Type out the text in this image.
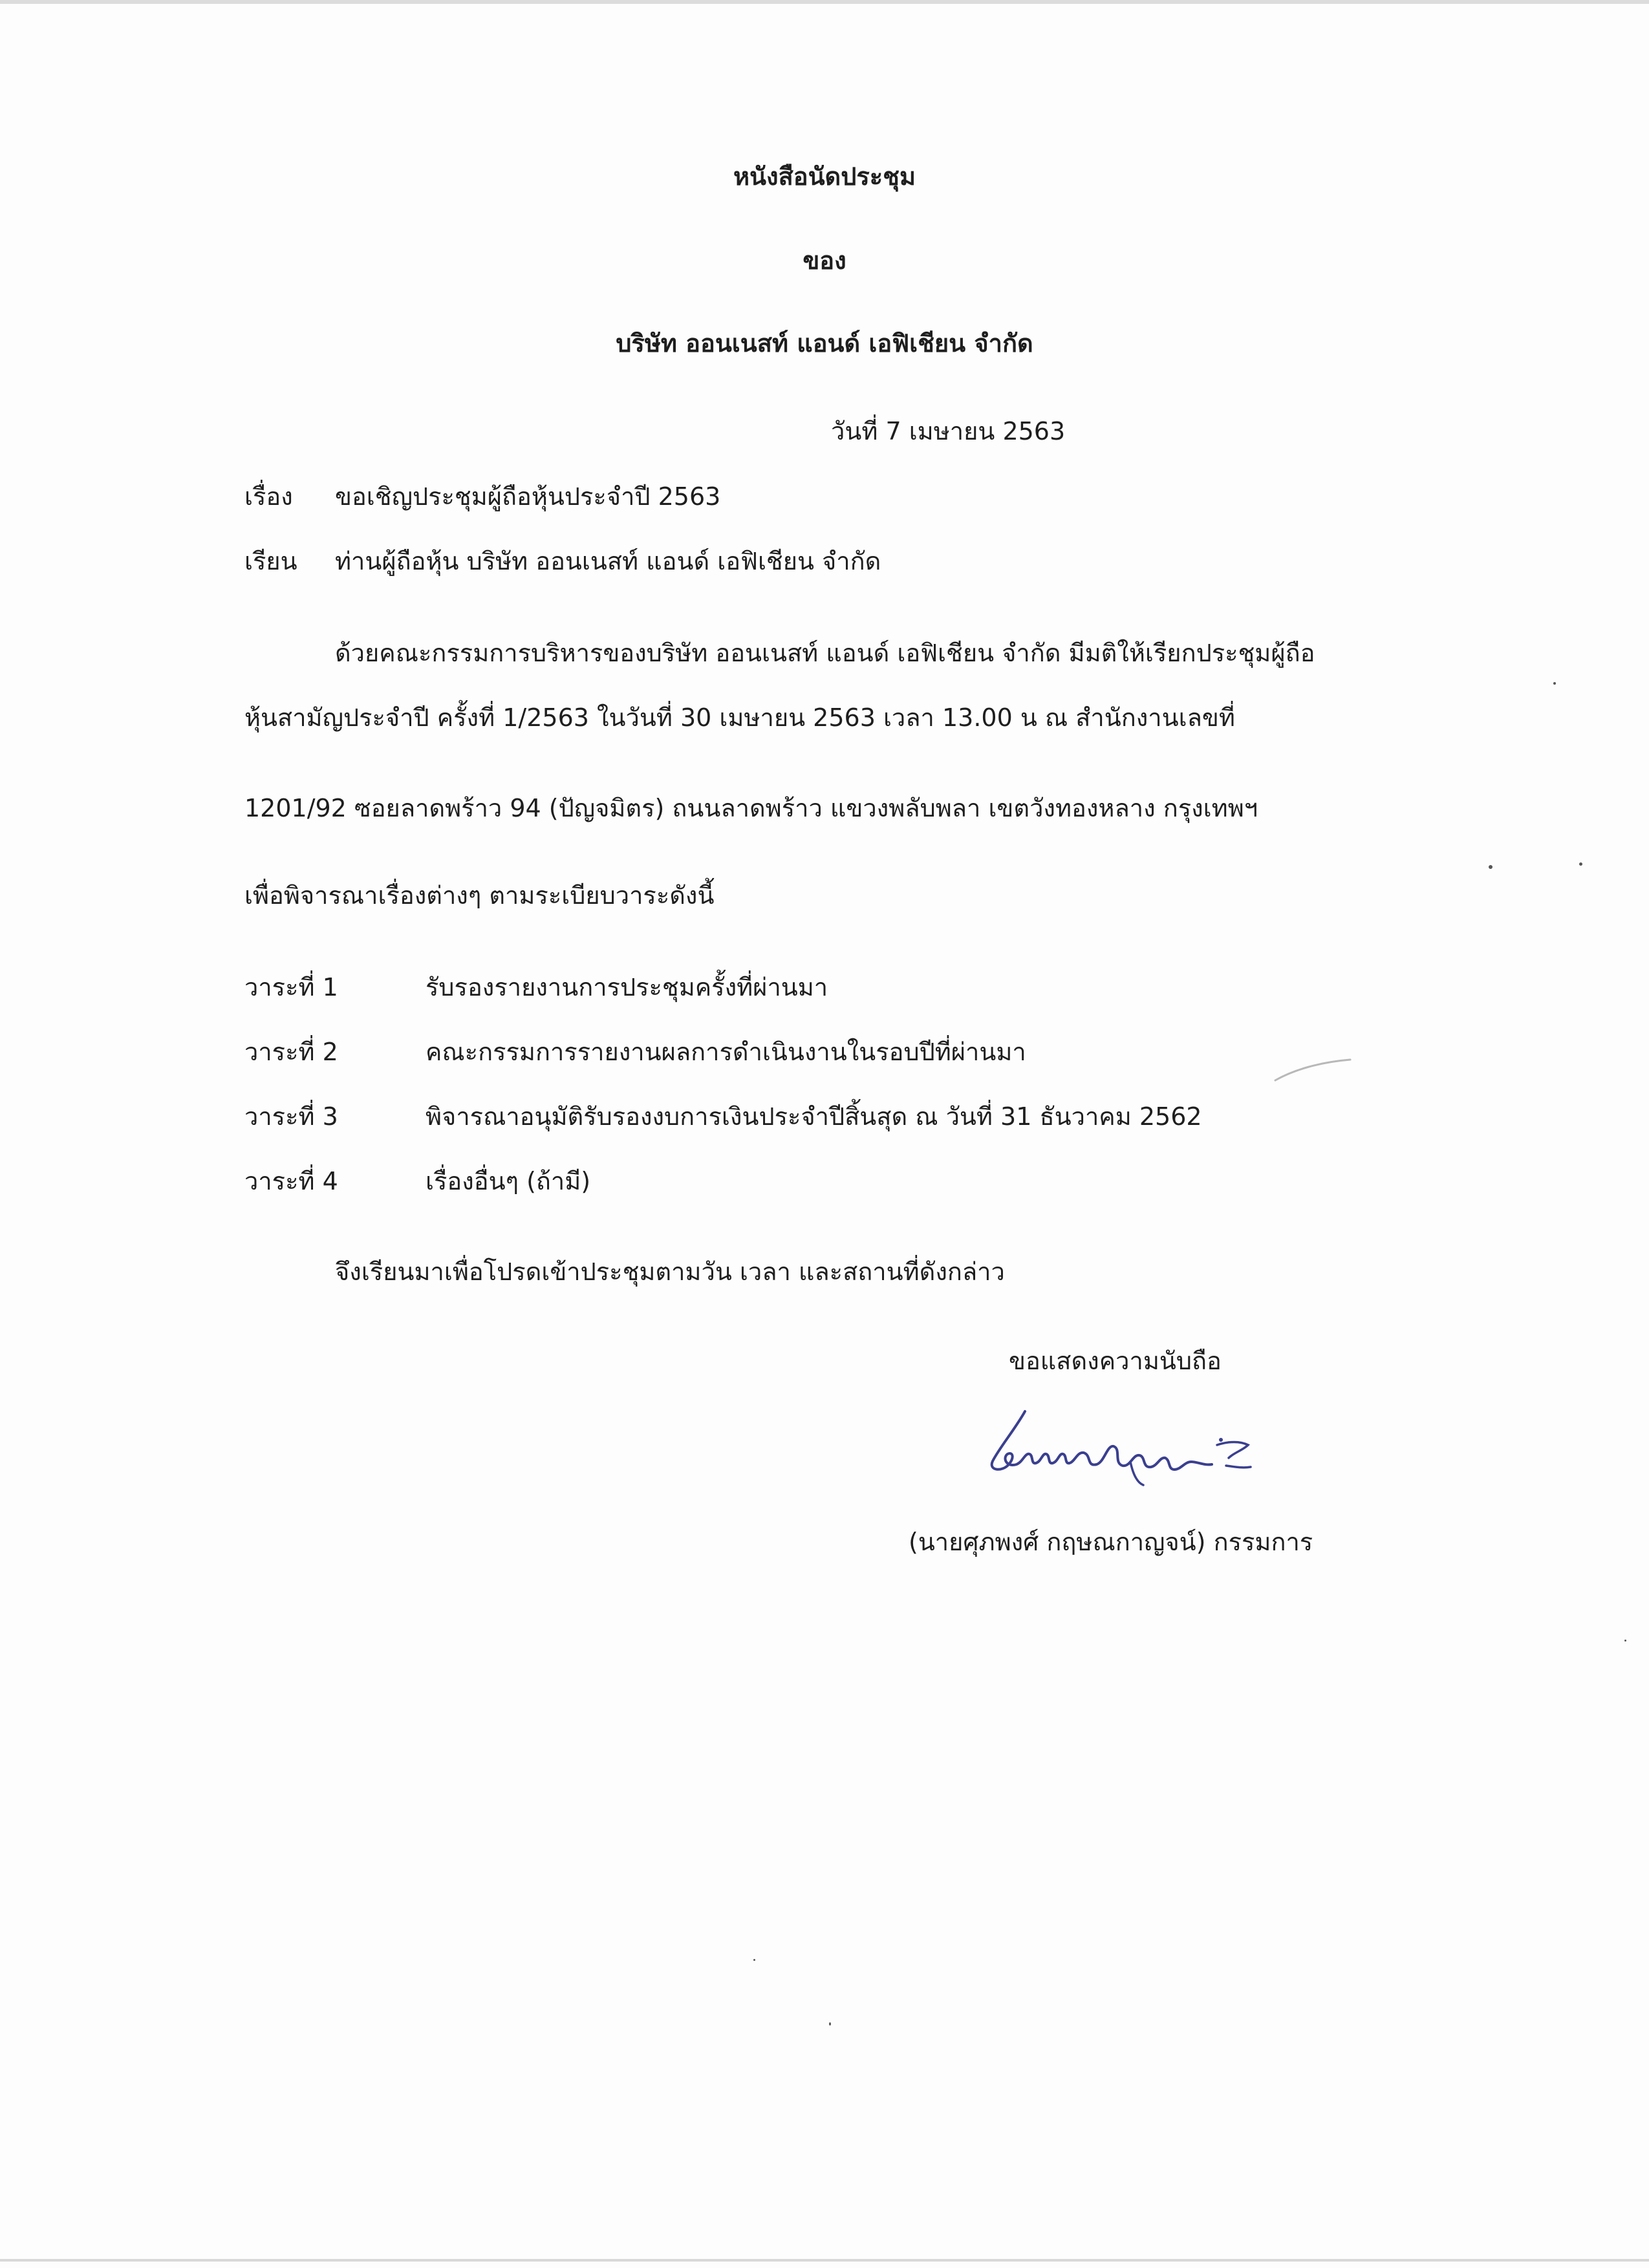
หนังสือนัดประชุม
ของ
บริษัท ออนเนสท์ แอนด์ เอฟิเชียน จำกัด
วันที่ 7 เมษายน 2563
เรื่อง ขอเชิญประชุมผู้ถือหุ้นประจำปี 2563
เรียน ท่านผู้ถือหุ้น บริษัท ออนเนสท์ แอนด์ เอฟิเชียน จำกัด
ด้วยคณะกรรมการบริหารของบริษัท ออนเนสท์ แอนด์ เอฟิเชียน จำกัด มีมติให้เรียกประชุมผู้ถือ
หุ้นสามัญประจำปี ครั้งที่ 1/2563 ในวันที่ 30 เมษายน 2563 เวลา 13.00 น ณ สำนักงานเลขที่
1201/92 ซอยลาดพร้าว 94 (ปัญจมิตร) ถนนลาดพร้าว แขวงพลับพลา เขตวังทองหลาง กรุงเทพฯ
เพื่อพิจารณาเรื่องต่างๆ ตามระเบียบวาระดังนี้
วาระที่ 1	รับรองรายงานการประชุมครั้งที่ผ่านมา
วาระที่ 2	คณะกรรมการรายงานผลการดำเนินงานในรอบปีที่ผ่านมา
วาระที่ 3	พิจารณาอนุมัติรับรองงบการเงินประจำปีสิ้นสุด ณ วันที่ 31 ธันวาคม 2562
วาระที่ 4	เรื่องอื่นๆ (ถ้ามี)
จึงเรียนมาเพื่อโปรดเข้าประชุมตามวัน เวลา และสถานที่ดังกล่าว
ขอแสดงความนับถือ
(นายศุภพงศ์ กฤษณกาญจน์) กรรมการ
